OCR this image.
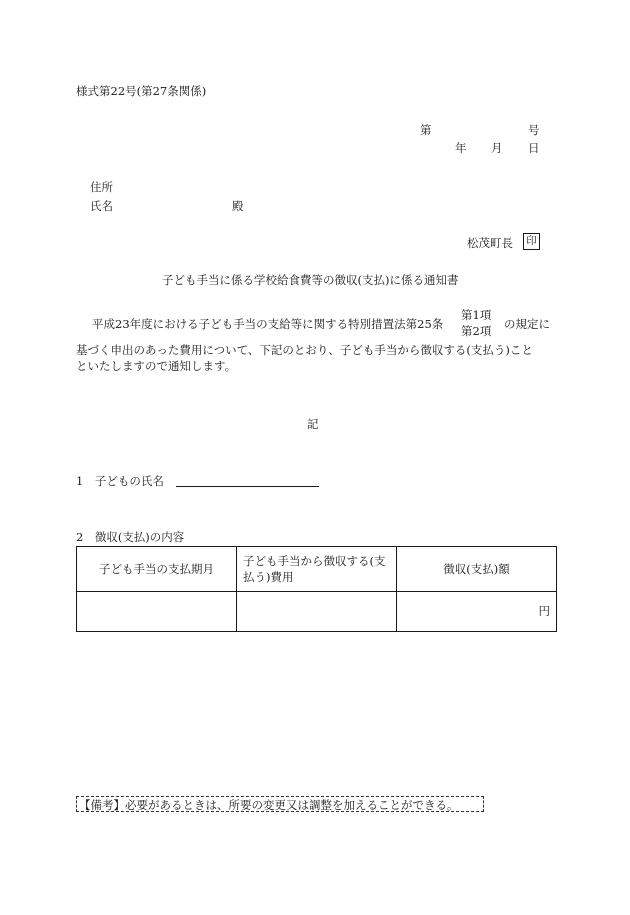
様式第22号(第27条関係)
第	号
年 月 日
住所
氏名	殿
松茂町長	印
子ども手当に係る学校給食費等の徴収(支払)に係る通知書
平成23年度における子ども手当の支給等に関する特別措置法第25条
第1項
第2項 の規定に
基づく申出のあった費用について、下記のとおり、子ども手当から徴収する(支払う)こと
といたしますので通知します。
記
1　子どもの氏名
2　徴収(支払)の内容
子ども手当の支払期月	子ども手当から徴収する(支払う)費用	徴収(支払)額
		円
【備考】必要があるときは、所要の変更又は調整を加えることができる。
